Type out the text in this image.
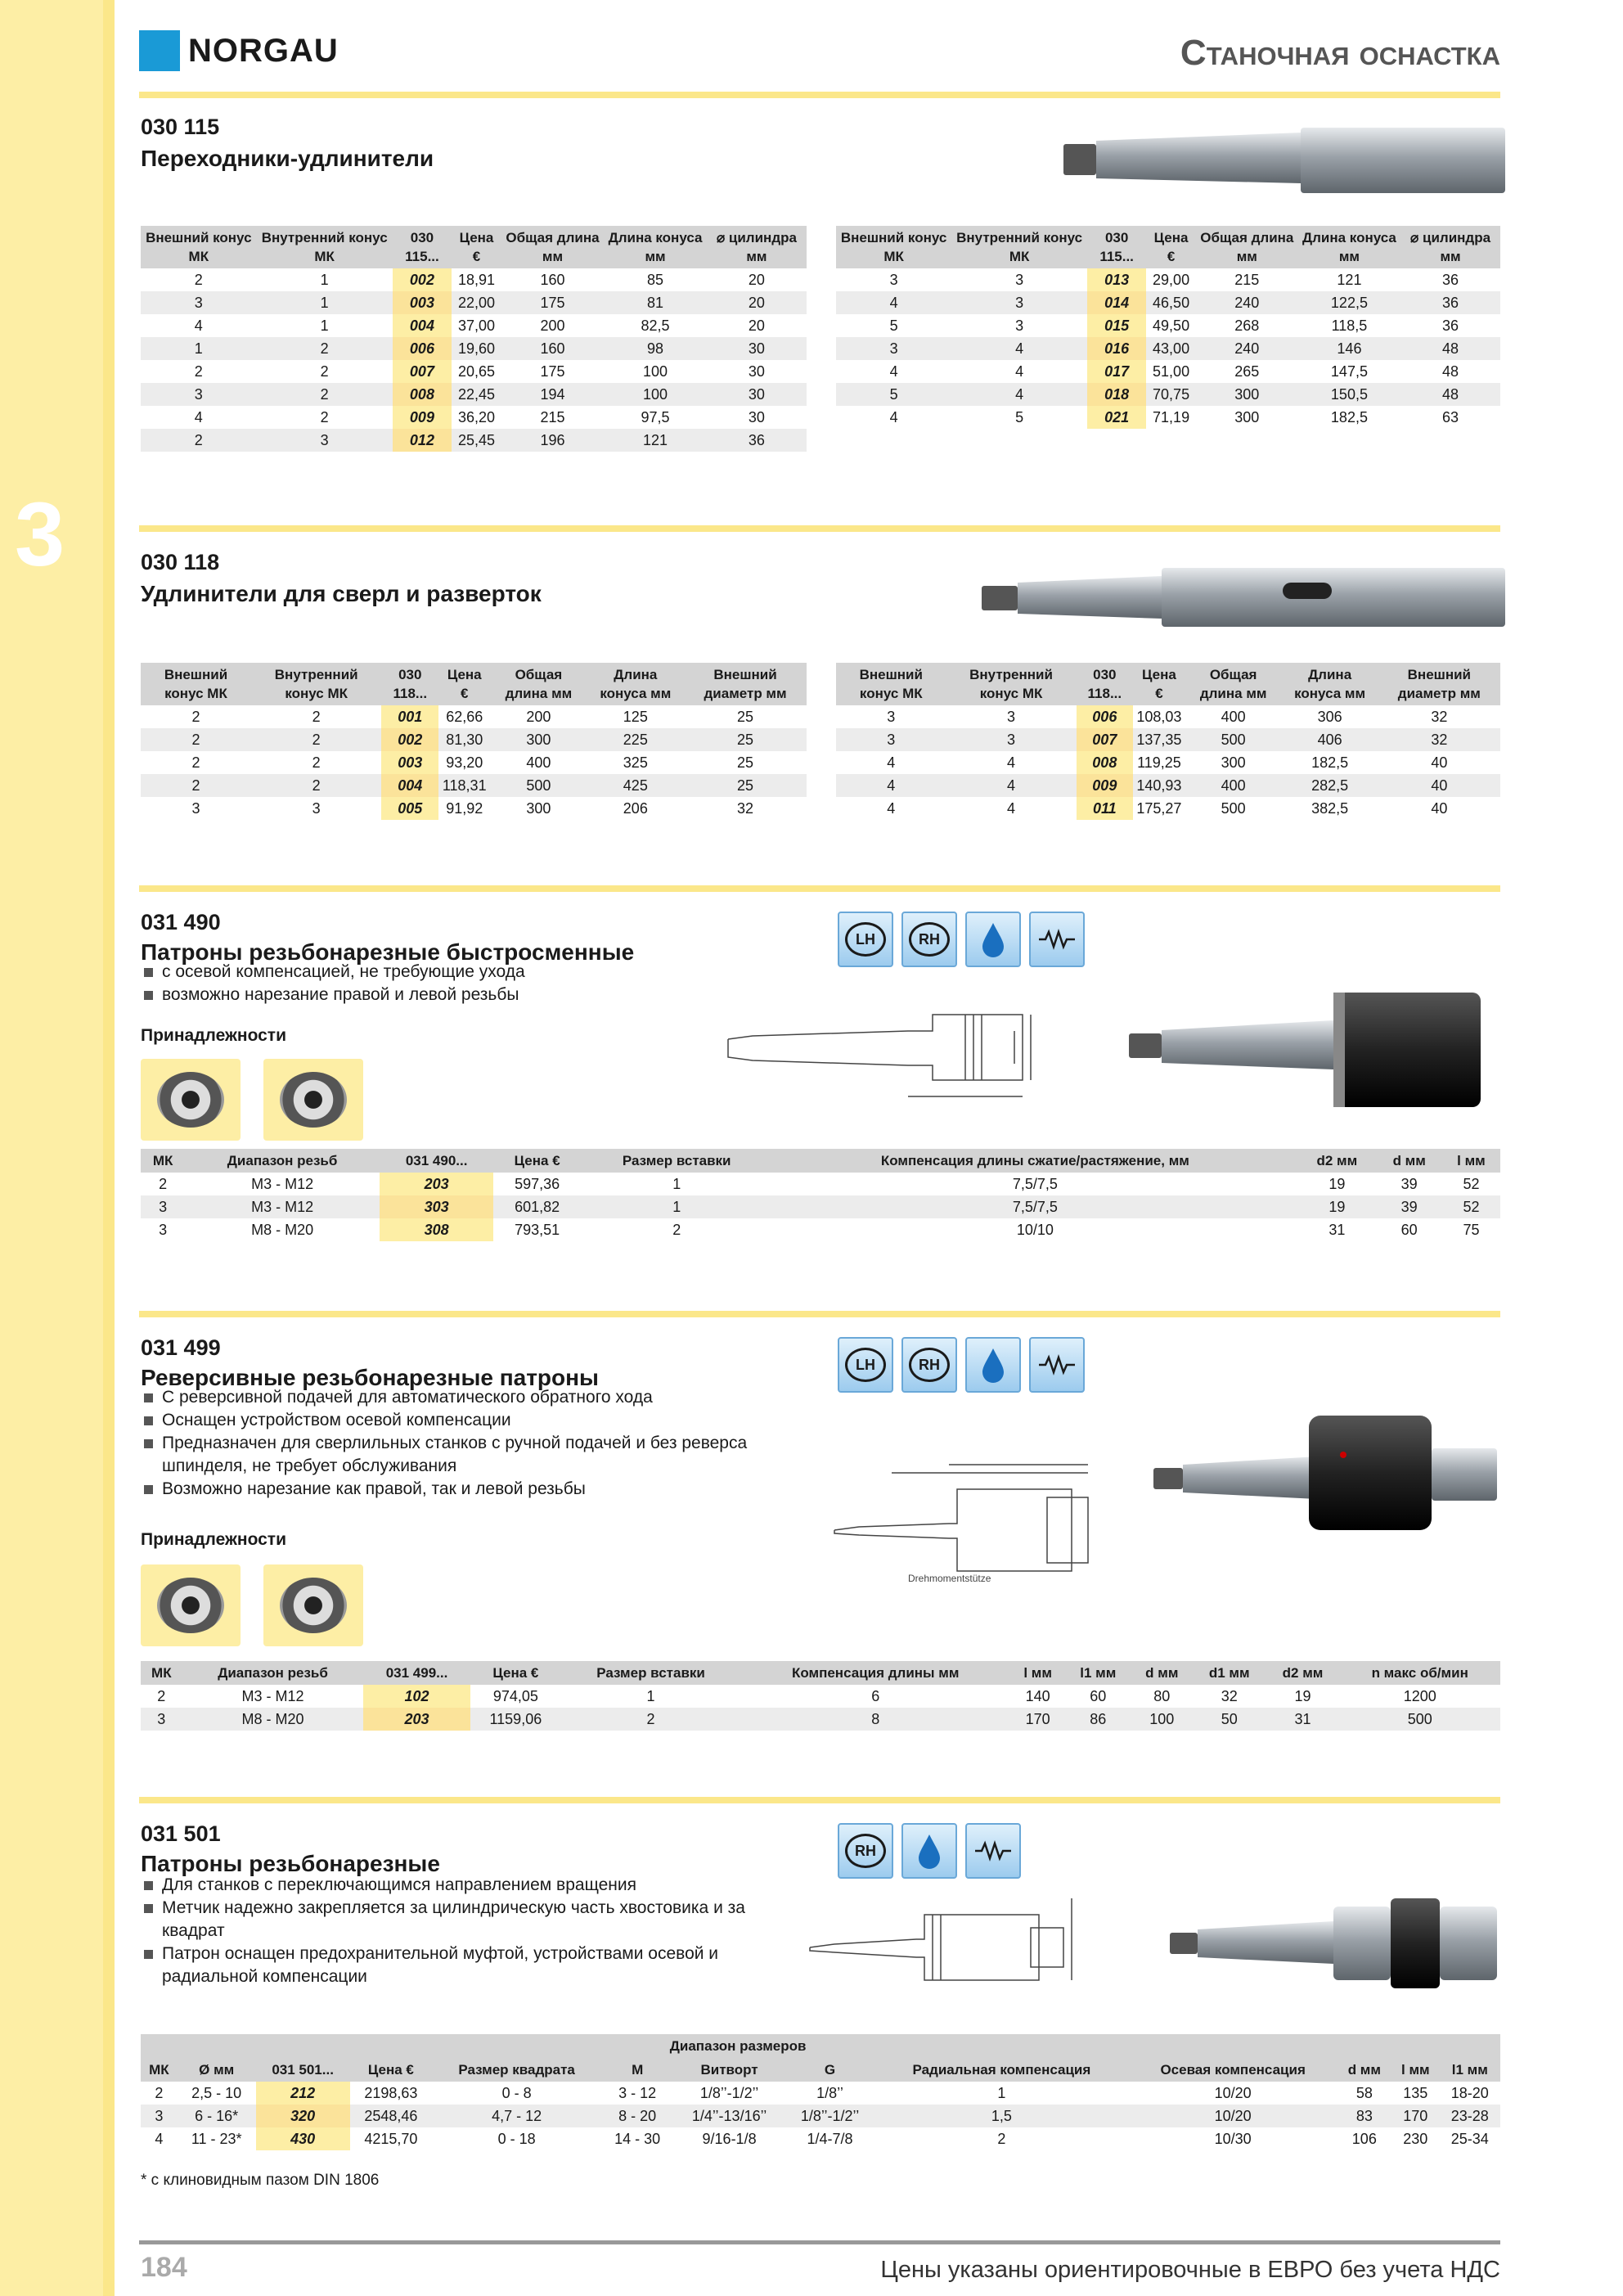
3
NORGAU	Станочная оснастка
030 115
Переходники-удлинители
Внешний конус МК	Внутренний конус МК	030 115...	Цена €	Общая длина мм	Длина конуса мм	⌀ цилиндра мм
2	1	002	18,91	160	85	20
3	1	003	22,00	175	81	20
4	1	004	37,00	200	82,5	20
1	2	006	19,60	160	98	30
2	2	007	20,65	175	100	30
3	2	008	22,45	194	100	30
4	2	009	36,20	215	97,5	30
2	3	012	25,45	196	121	36
Внешний конус МК	Внутренний конус МК	030 115...	Цена €	Общая длина мм	Длина конуса мм	⌀ цилиндра мм
3	3	013	29,00	215	121	36
4	3	014	46,50	240	122,5	36
5	3	015	49,50	268	118,5	36
3	4	016	43,00	240	146	48
4	4	017	51,00	265	147,5	48
5	4	018	70,75	300	150,5	48
4	5	021	71,19	300	182,5	63
030 118
Удлинители для сверл и разверток
Внешний конус МК	Внутренний конус МК	030 118...	Цена €	Общая длина мм	Длина конуса мм	Внешний диаметр мм
2	2	001	62,66	200	125	25
2	2	002	81,30	300	225	25
2	2	003	93,20	400	325	25
2	2	004	118,31	500	425	25
3	3	005	91,92	300	206	32
Внешний конус МК	Внутренний конус МК	030 118...	Цена €	Общая длина мм	Длина конуса мм	Внешний диаметр мм
3	3	006	108,03	400	306	32
3	3	007	137,35	500	406	32
4	4	008	119,25	300	182,5	40
4	4	009	140,93	400	282,5	40
4	4	011	175,27	500	382,5	40
031 490
Патроны резьбонарезные быстросменные
LH	RH
с осевой компенсацией, не требующие ухода
возможно нарезание правой и левой резьбы
Принадлежности
МК	Диапазон резьб	031 490...	Цена €	Размер вставки	Компенсация длины сжатие/растяжение, мм	d2 мм	d мм	l мм
2	M3 - M12	203	597,36	1	7,5/7,5	19	39	52
3	M3 - M12	303	601,82	1	7,5/7,5	19	39	52
3	M8 - M20	308	793,51	2	10/10	31	60	75
031 499
Реверсивные резьбонарезные патроны
LH	RH
С реверсивной подачей для автоматического обратного хода
Оснащен устройством осевой компенсации
Предназначен для сверлильных станков с ручной подачей и без реверса шпинделя, не требует обслуживания
Возможно нарезание как правой, так и левой резьбы
Принадлежности
Drehmomentstütze
МК	Диапазон резьб	031 499...	Цена €	Размер вставки	Компенсация длины мм	l мм	l1 мм	d мм	d1 мм	d2 мм	n макс об/мин
2	M3 - M12	102	974,05	1	6	140	60	80	32	19	1200
3	M8 - M20	203	1159,06	2	8	170	86	100	50	31	500
031 501
Патроны резьбонарезные
RH
Для станков с переключающимся направлением вращения
Метчик надежно закрепляется за цилиндрическую часть хвостовика и за квадрат
Патрон оснащен предохранительной муфтой, устройствами осевой и радиальной компенсации
МК	Ø мм	031 501...	Цена €	Размер квадрата	Диапазон размеров			Радиальная компенсация	Осевая компенсация	d мм	l мм	l1 мм
					M	Витворт	G					
2	2,5 - 10	212	2198,63	0 - 8	3 - 12	1/8’’-1/2’’	1/8’’	1	10/20	58	135	18-20
3	6 - 16*	320	2548,46	4,7 - 12	8 - 20	1/4’’-13/16’’	1/8’’-1/2’’	1,5	10/20	83	170	23-28
4	11 - 23*	430	4215,70	0 - 18	14 - 30	9/16-1/8	1/4-7/8	2	10/30	106	230	25-34
* с клиновидным пазом DIN 1806
184	Цены указаны ориентировочные в ЕВРО без учета НДС
